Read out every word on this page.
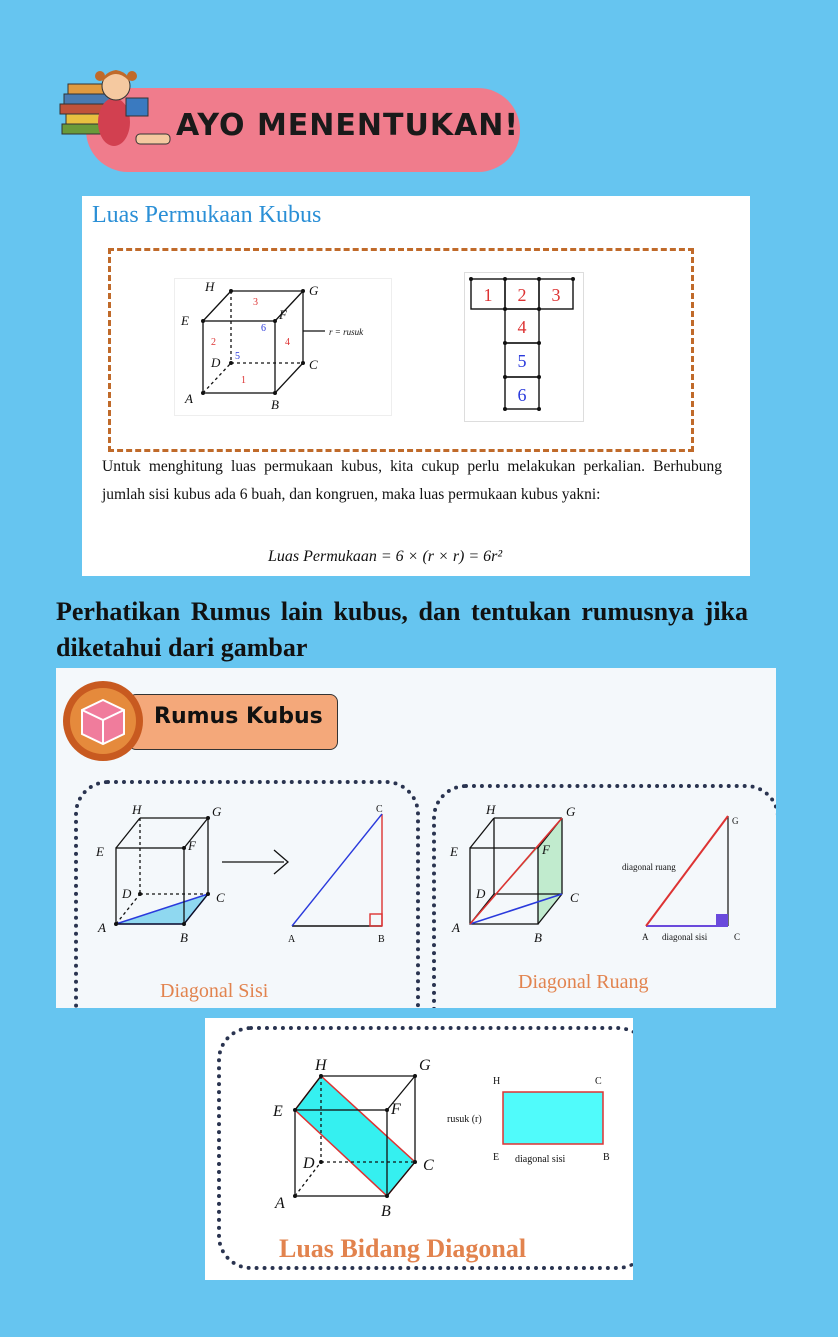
AYO MENENTUKAN!
Luas Permukaan Kubus
H	G
E	F
D	C
A	B
1
2
3
4
5
6	r = rusuk
1 2 3
4
5
6
Untuk menghitung luas permukaan kubus, kita cukup perlu melakukan perkalian. Berhubung jumlah sisi kubus ada 6 buah, dan kongruen, maka luas permukaan kubus yakni:
Luas Permukaan = 6 × (r × r) = 6r²
Perhatikan Rumus lain kubus, dan tentukan rumusnya jika diketahui dari gambar
Rumus Kubus
H	G
E	F
D	C
A
B	A	B
C	H	G
E	F
D	C
A
B
diagonal ruang
diagonal sisi
A	C
G
Diagonal Sisi	Diagonal Ruang
H	G
E	F
D	C
A	B
H	C
E	B
rusuk (r)
diagonal sisi
Luas Bidang Diagonal
